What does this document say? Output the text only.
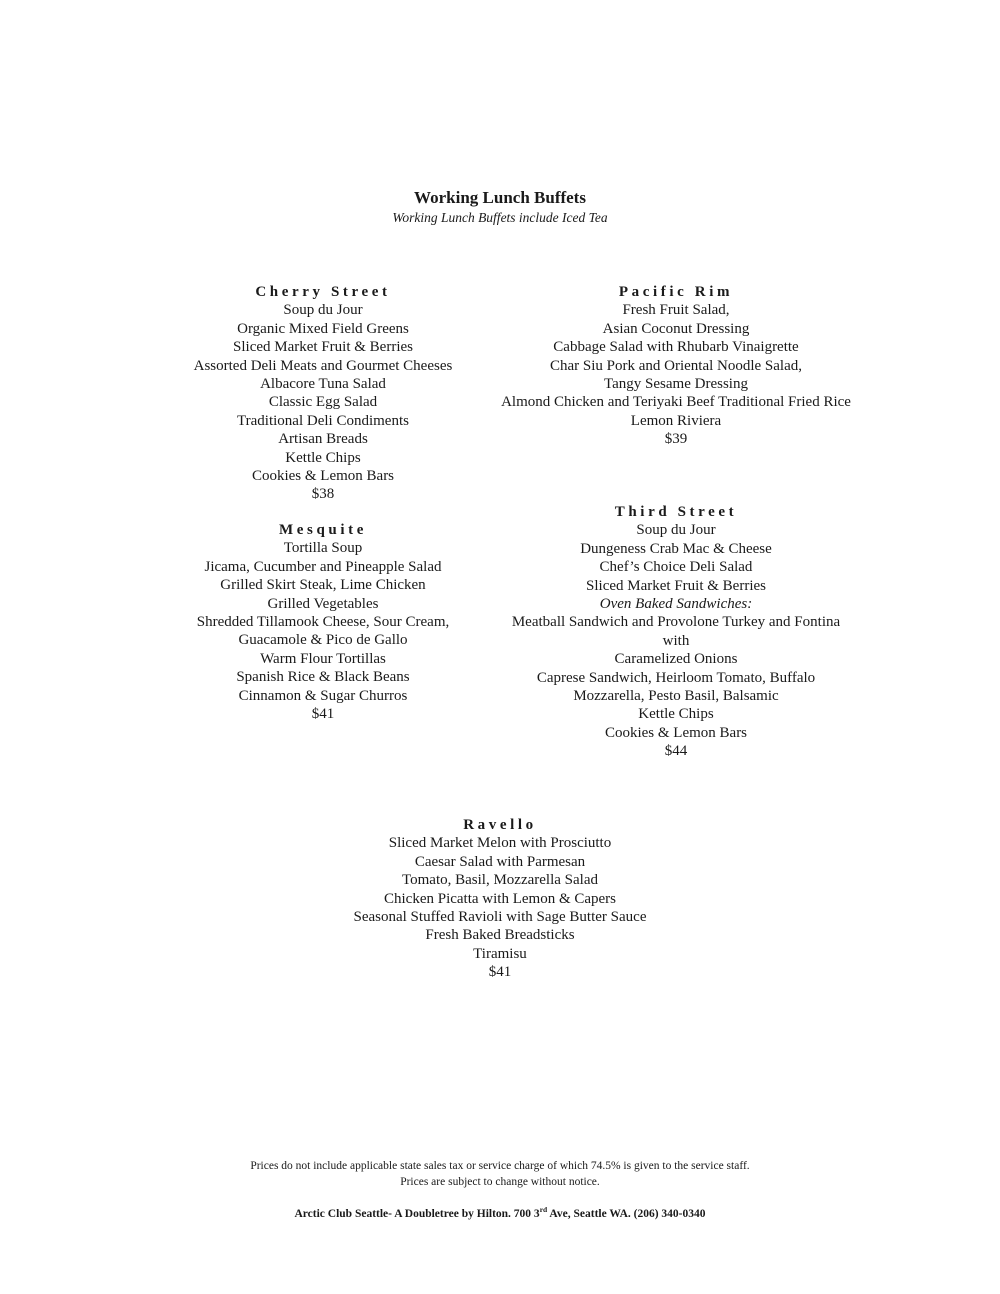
Working Lunch Buffets
Working Lunch Buffets include Iced Tea
Cherry Street
Soup du Jour
Organic Mixed Field Greens
Sliced Market Fruit & Berries
Assorted Deli Meats and Gourmet Cheeses
Albacore Tuna Salad
Classic Egg Salad
Traditional Deli Condiments
Artisan Breads
Kettle Chips
Cookies & Lemon Bars
$38
Pacific Rim
Fresh Fruit Salad,
Asian Coconut Dressing
Cabbage Salad with Rhubarb Vinaigrette
Char Siu Pork and Oriental Noodle Salad,
Tangy Sesame Dressing
Almond Chicken and Teriyaki Beef Traditional Fried Rice
Lemon Riviera
$39
Mesquite
Tortilla Soup
Jicama, Cucumber and Pineapple Salad
Grilled Skirt Steak, Lime Chicken
Grilled Vegetables
Shredded Tillamook Cheese, Sour Cream,
Guacamole & Pico de Gallo
Warm Flour Tortillas
Spanish Rice & Black Beans
Cinnamon & Sugar Churros
$41
Third Street
Soup du Jour
Dungeness Crab Mac & Cheese
Chef’s Choice Deli Salad
Sliced Market Fruit & Berries
Oven Baked Sandwiches:
Meatball Sandwich and Provolone Turkey and Fontina with
Caramelized Onions
Caprese Sandwich, Heirloom Tomato, Buffalo Mozzarella, Pesto Basil, Balsamic
Kettle Chips
Cookies & Lemon Bars
$44
Ravello
Sliced Market Melon with Prosciutto
Caesar Salad with Parmesan
Tomato, Basil, Mozzarella Salad
Chicken Picatta with Lemon & Capers
Seasonal Stuffed Ravioli with Sage Butter Sauce
Fresh Baked Breadsticks
Tiramisu
$41
Prices do not include applicable state sales tax or service charge of which 74.5% is given to the service staff.
Prices are subject to change without notice.
Arctic Club Seattle- A Doubletree by Hilton. 700 3rd Ave, Seattle WA. (206) 340-0340
